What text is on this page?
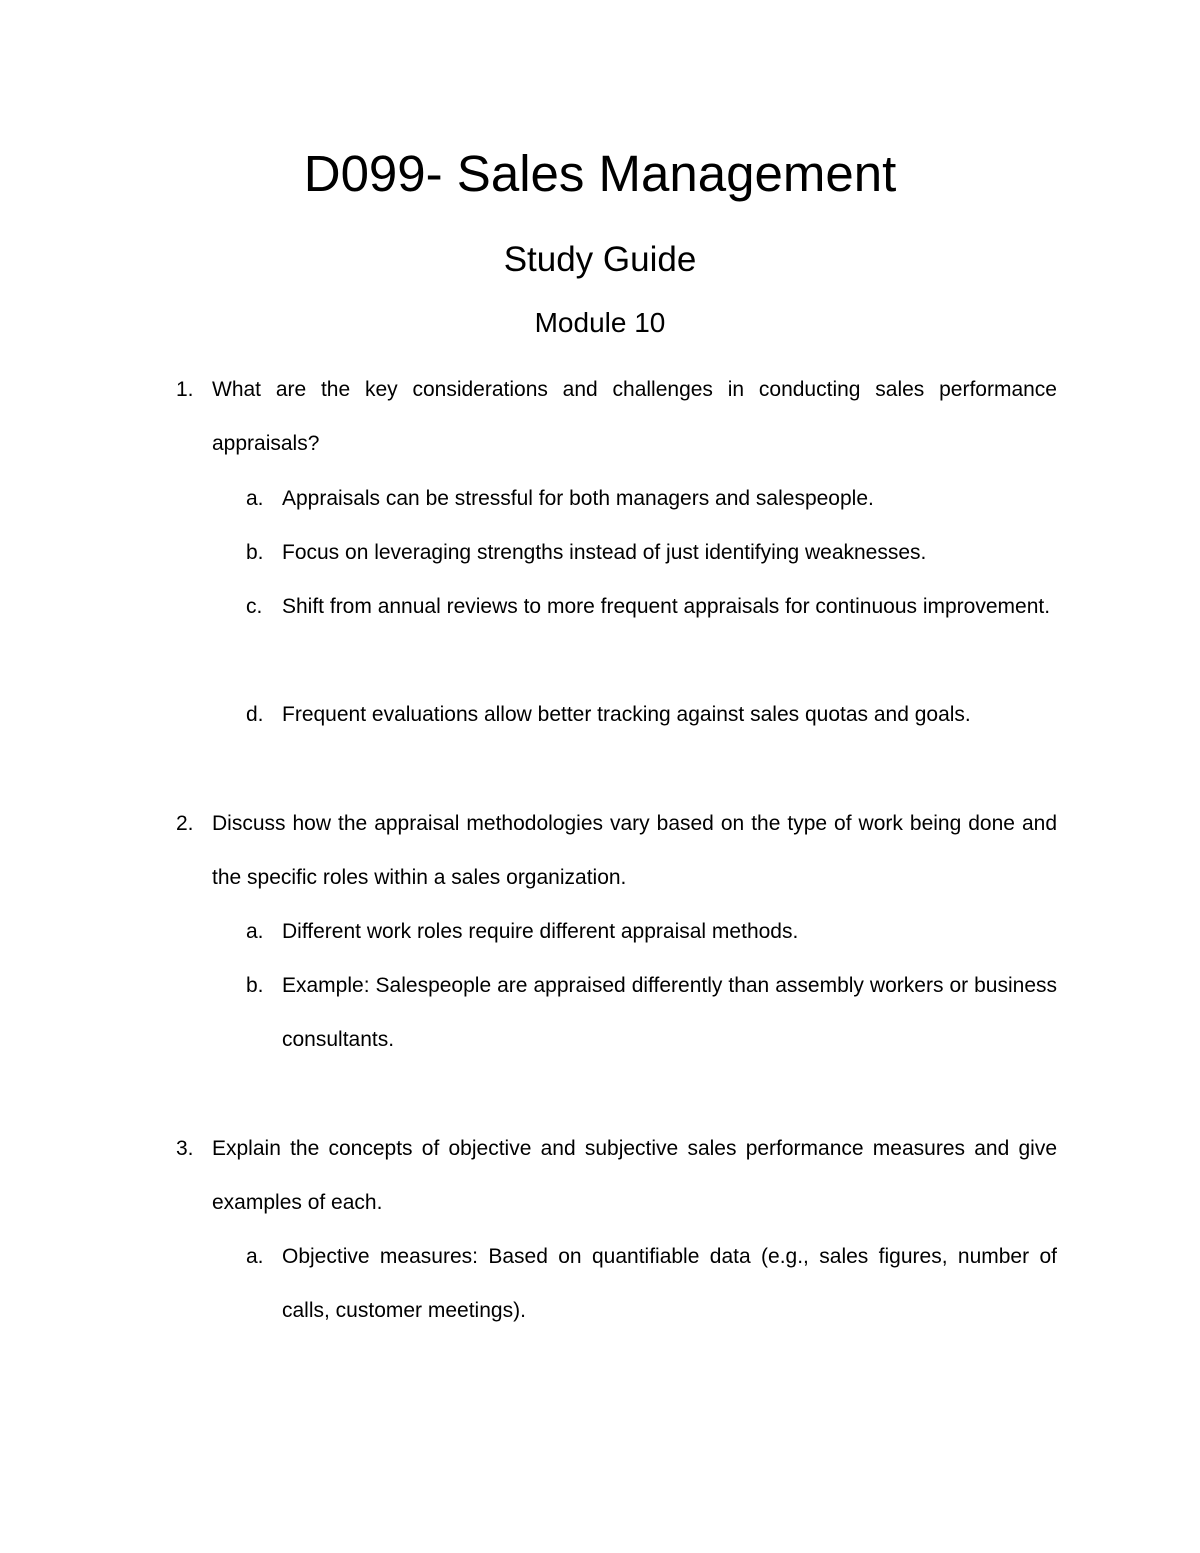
D099- Sales Management
Study Guide
Module 10
1. What are the key considerations and challenges in conducting sales performance appraisals?
a. Appraisals can be stressful for both managers and salespeople.
b. Focus on leveraging strengths instead of just identifying weaknesses.
c. Shift from annual reviews to more frequent appraisals for continuous improvement.
d. Frequent evaluations allow better tracking against sales quotas and goals.
2. Discuss how the appraisal methodologies vary based on the type of work being done and the specific roles within a sales organization.
a. Different work roles require different appraisal methods.
b. Example: Salespeople are appraised differently than assembly workers or business consultants.
3. Explain the concepts of objective and subjective sales performance measures and give examples of each.
a. Objective measures: Based on quantifiable data (e.g., sales figures, number of calls, customer meetings).
